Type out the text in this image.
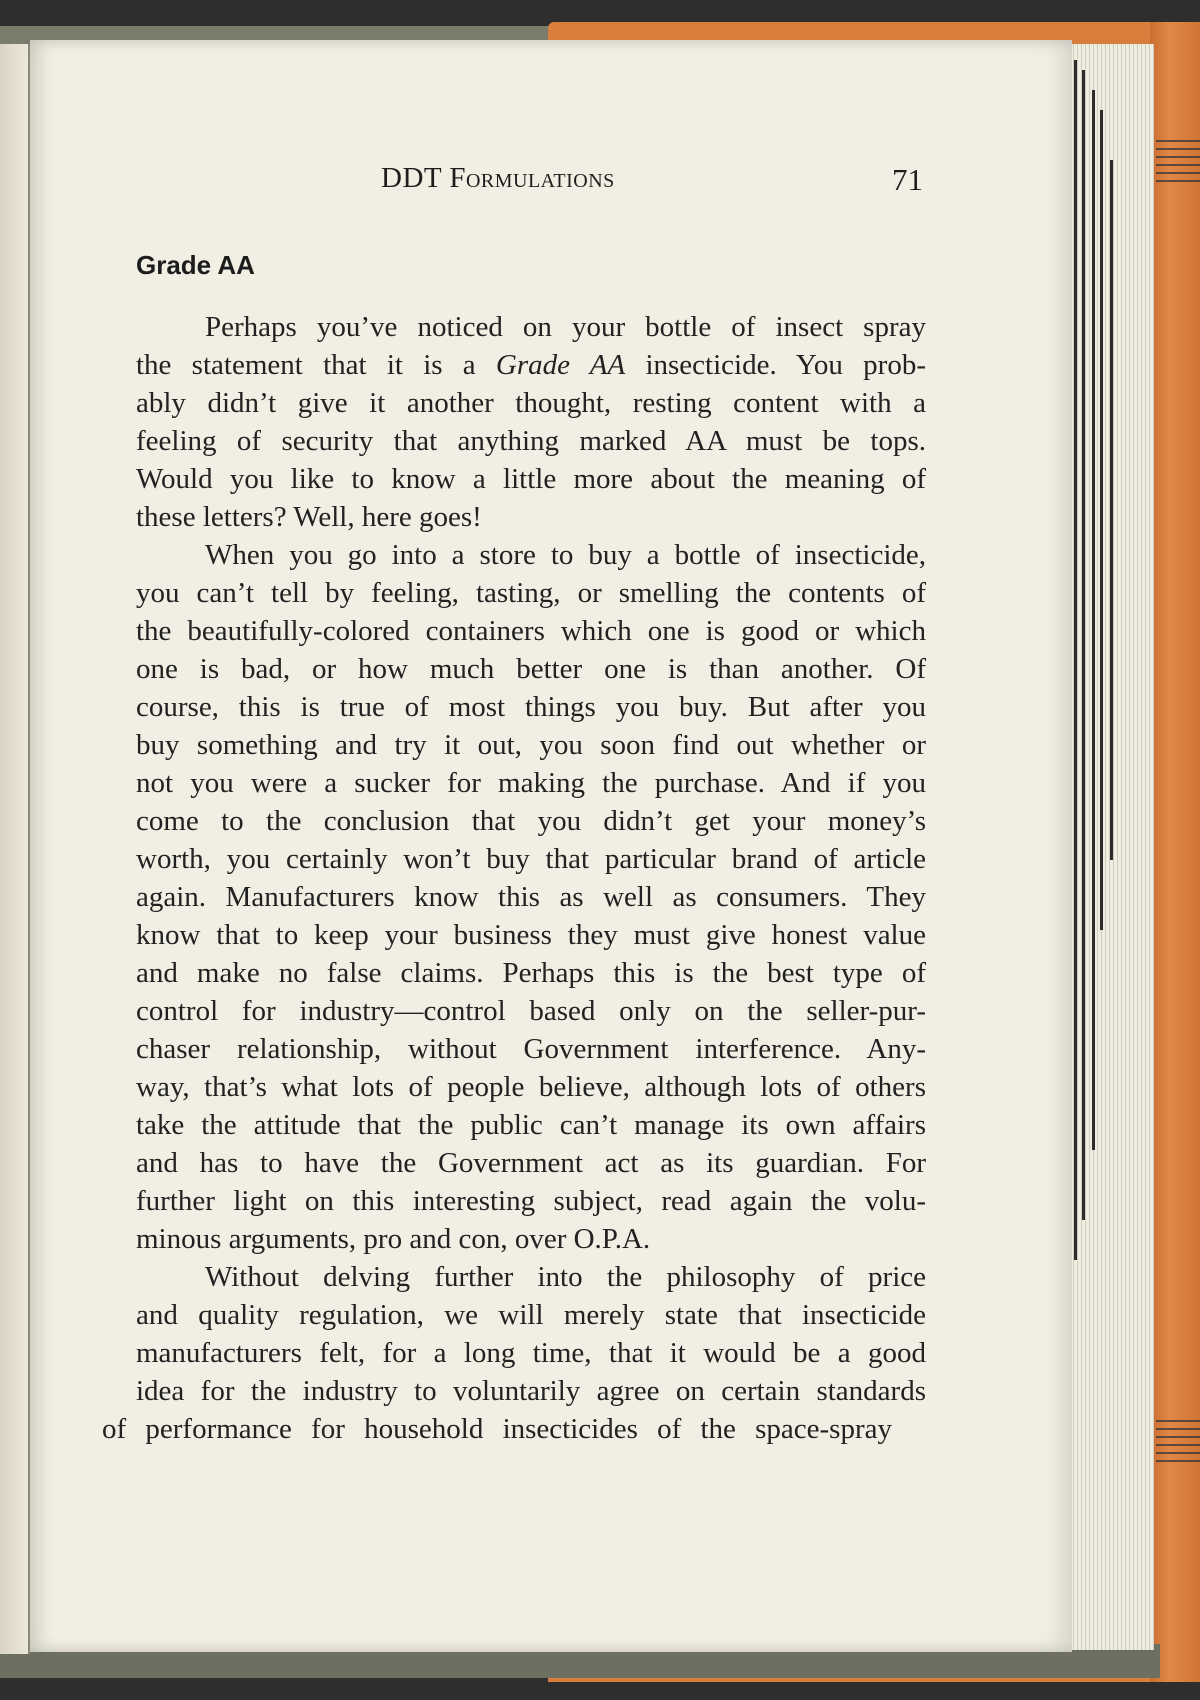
DDT Formulations	71
Grade AA
Perhaps you’ve noticed on your bottle of insect spray
the statement that it is a Grade AA insecticide. You prob-
ably didn’t give it another thought, resting content with a
feeling of security that anything marked AA must be tops.
Would you like to know a little more about the meaning of
these letters? Well, here goes!
When you go into a store to buy a bottle of insecticide,
you can’t tell by feeling, tasting, or smelling the contents of
the beautifully-colored containers which one is good or which
one is bad, or how much better one is than another. Of
course, this is true of most things you buy. But after you
buy something and try it out, you soon find out whether or
not you were a sucker for making the purchase. And if you
come to the conclusion that you didn’t get your money’s
worth, you certainly won’t buy that particular brand of article
again. Manufacturers know this as well as consumers. They
know that to keep your business they must give honest value
and make no false claims. Perhaps this is the best type of
control for industry—control based only on the seller-pur-
chaser relationship, without Government interference. Any-
way, that’s what lots of people believe, although lots of others
take the attitude that the public can’t manage its own affairs
and has to have the Government act as its guardian. For
further light on this interesting subject, read again the volu-
minous arguments, pro and con, over O.P.A.
Without delving further into the philosophy of price
and quality regulation, we will merely state that insecticide
manufacturers felt, for a long time, that it would be a good
idea for the industry to voluntarily agree on certain standards
of performance for household insecticides of the space-spray
